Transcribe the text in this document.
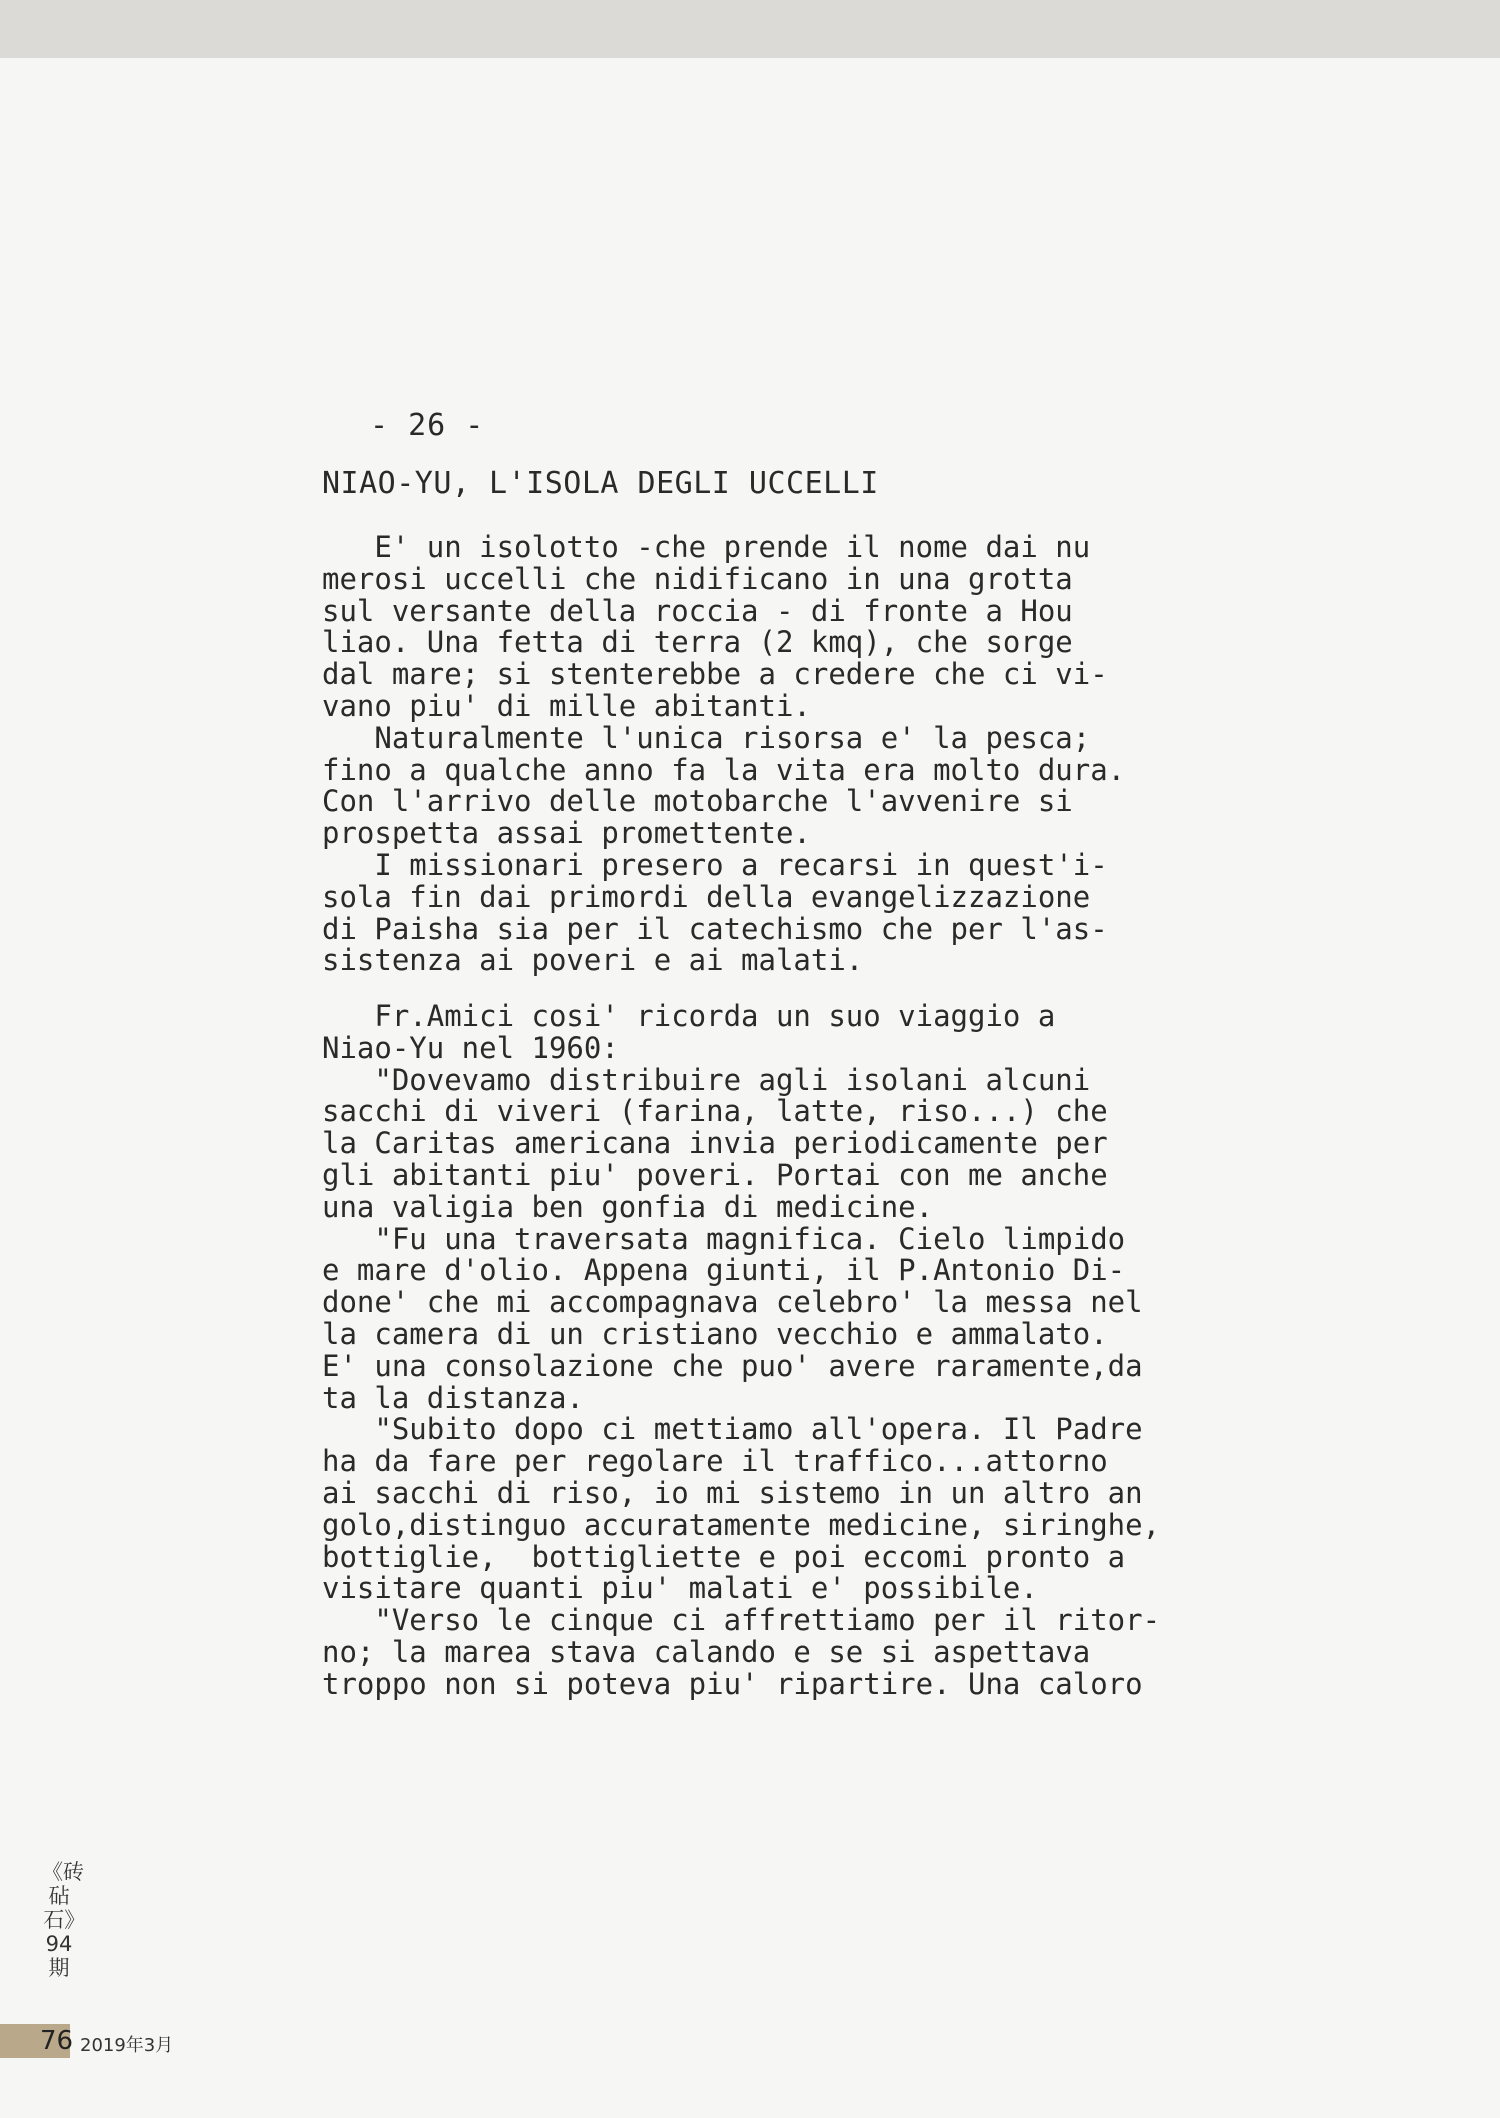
- 26 -
NIAO-YU, L'ISOLA DEGLI UCCELLI
E' un isolotto -che prende il nome dai nu
merosi uccelli che nidificano in una grotta
sul versante della roccia - di fronte a Hou
liao. Una fetta di terra (2 kmq), che sorge
dal mare; si stenterebbe a credere che ci vi-
vano piu' di mille abitanti.
Naturalmente l'unica risorsa e' la pesca;
fino a qualche anno fa la vita era molto dura.
Con l'arrivo delle motobarche l'avvenire si
prospetta assai promettente.
I missionari presero a recarsi in quest'i-
sola fin dai primordi della evangelizzazione
di Paisha sia per il catechismo che per l'as-
sistenza ai poveri e ai malati.
Fr.Amici cosi' ricorda un suo viaggio a
Niao-Yu nel 1960:
"Dovevamo distribuire agli isolani alcuni
sacchi di viveri (farina, latte, riso...) che
la Caritas americana invia periodicamente per
gli abitanti piu' poveri. Portai con me anche
una valigia ben gonfia di medicine.
"Fu una traversata magnifica. Cielo limpido
e mare d'olio. Appena giunti, il P.Antonio Di-
done' che mi accompagnava celebro' la messa nel
la camera di un cristiano vecchio e ammalato.
E' una consolazione che puo' avere raramente,da
ta la distanza.
"Subito dopo ci mettiamo all'opera. Il Padre
ha da fare per regolare il traffico...attorno
ai sacchi di riso, io mi sistemo in un altro an
golo,distinguo accuratamente medicine, siringhe,
bottiglie,  bottigliette e poi eccomi pronto a
visitare quanti piu' malati e' possibile.
"Verso le cinque ci affrettiamo per il ritor-
no; la marea stava calando e se si aspettava
troppo non si poteva piu' ripartire. Una caloro
《砖砧石》94期
76 2019年3月
